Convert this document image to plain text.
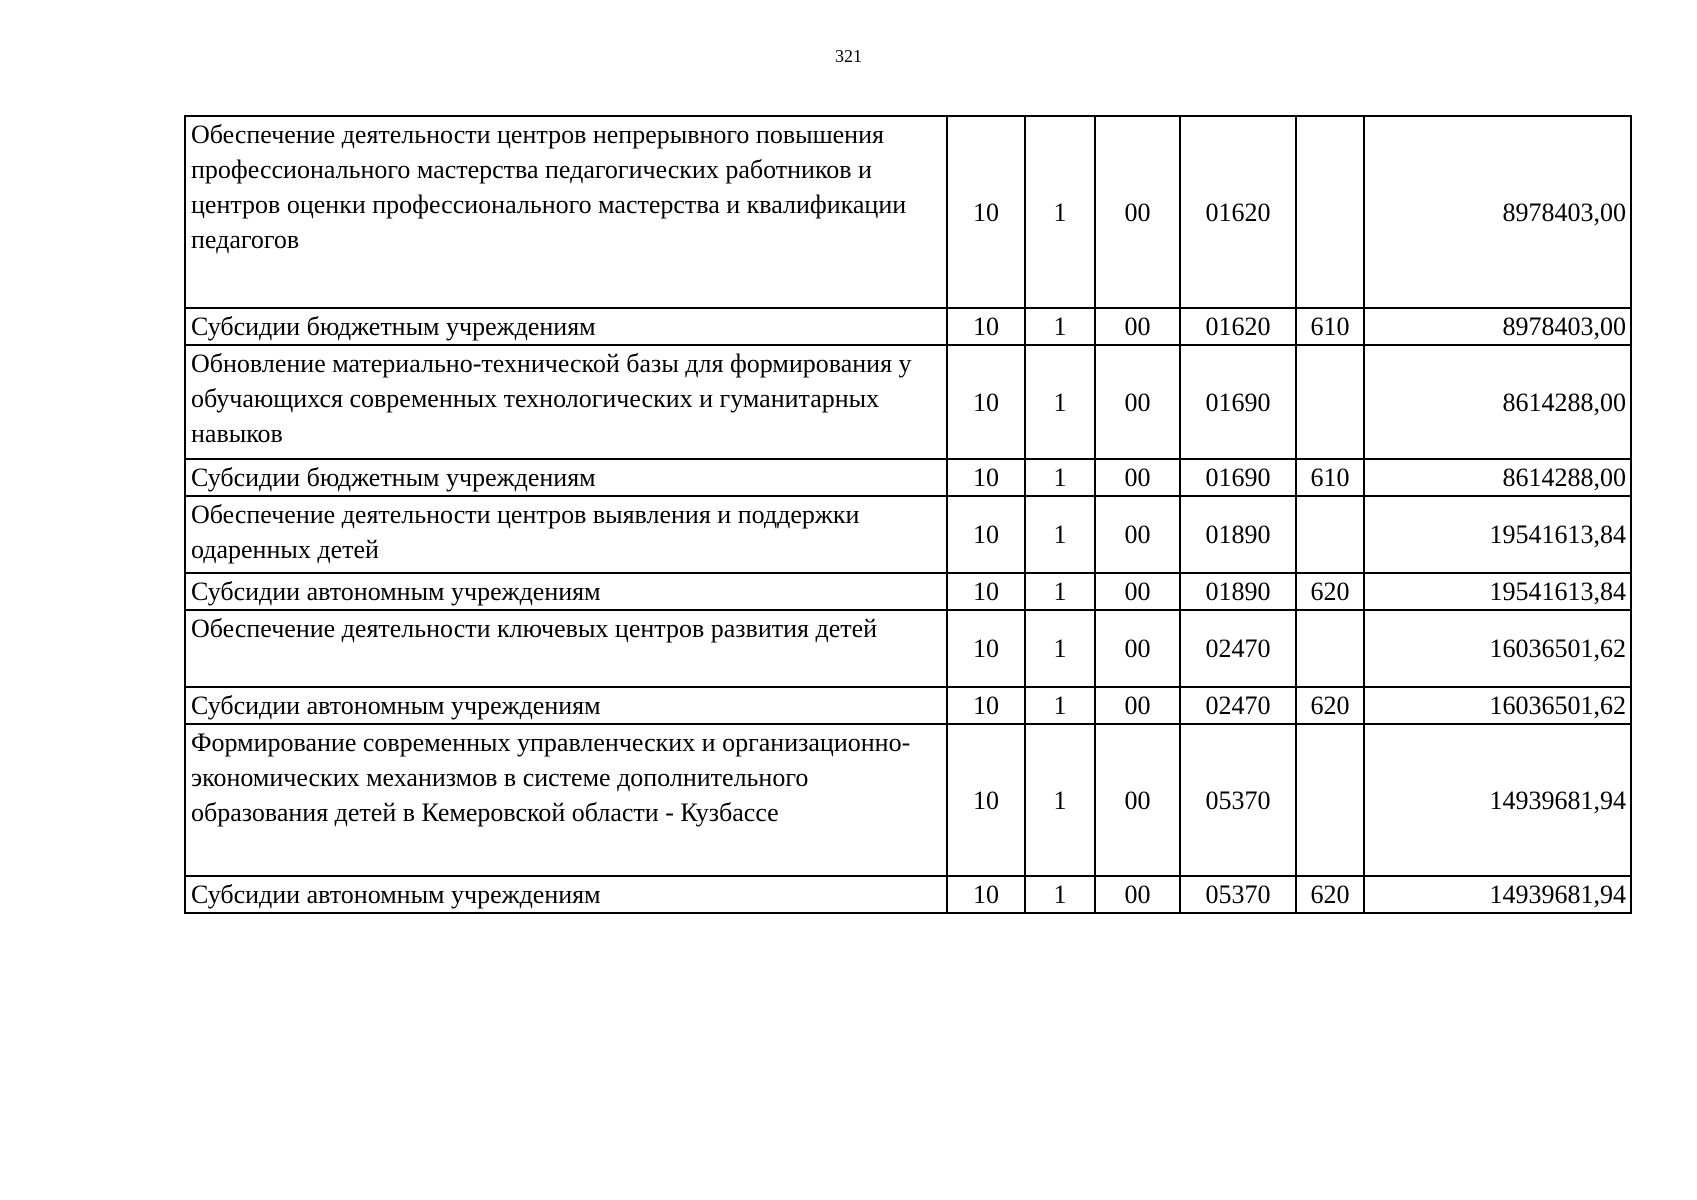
321
Обеспечение деятельности центров непрерывного повышения профессионального мастерства педагогических работников и центров оценки профессионального мастерства и квалификации педагогов	10	1	00	01620		8978403,00
Субсидии бюджетным учреждениям	10	1	00	01620	610	8978403,00
Обновление материально-технической базы для формирования у обучающихся современных технологических и гуманитарных навыков	10	1	00	01690		8614288,00
Субсидии бюджетным учреждениям	10	1	00	01690	610	8614288,00
Обеспечение деятельности центров выявления и поддержки одаренных детей	10	1	00	01890		19541613,84
Субсидии автономным учреждениям	10	1	00	01890	620	19541613,84
Обеспечение деятельности ключевых центров развития детей	10	1	00	02470		16036501,62
Субсидии автономным учреждениям	10	1	00	02470	620	16036501,62
Формирование современных управленческих и организационно-экономических механизмов в системе дополнительного образования детей в Кемеровской области - Кузбассе	10	1	00	05370		14939681,94
Субсидии автономным учреждениям	10	1	00	05370	620	14939681,94
